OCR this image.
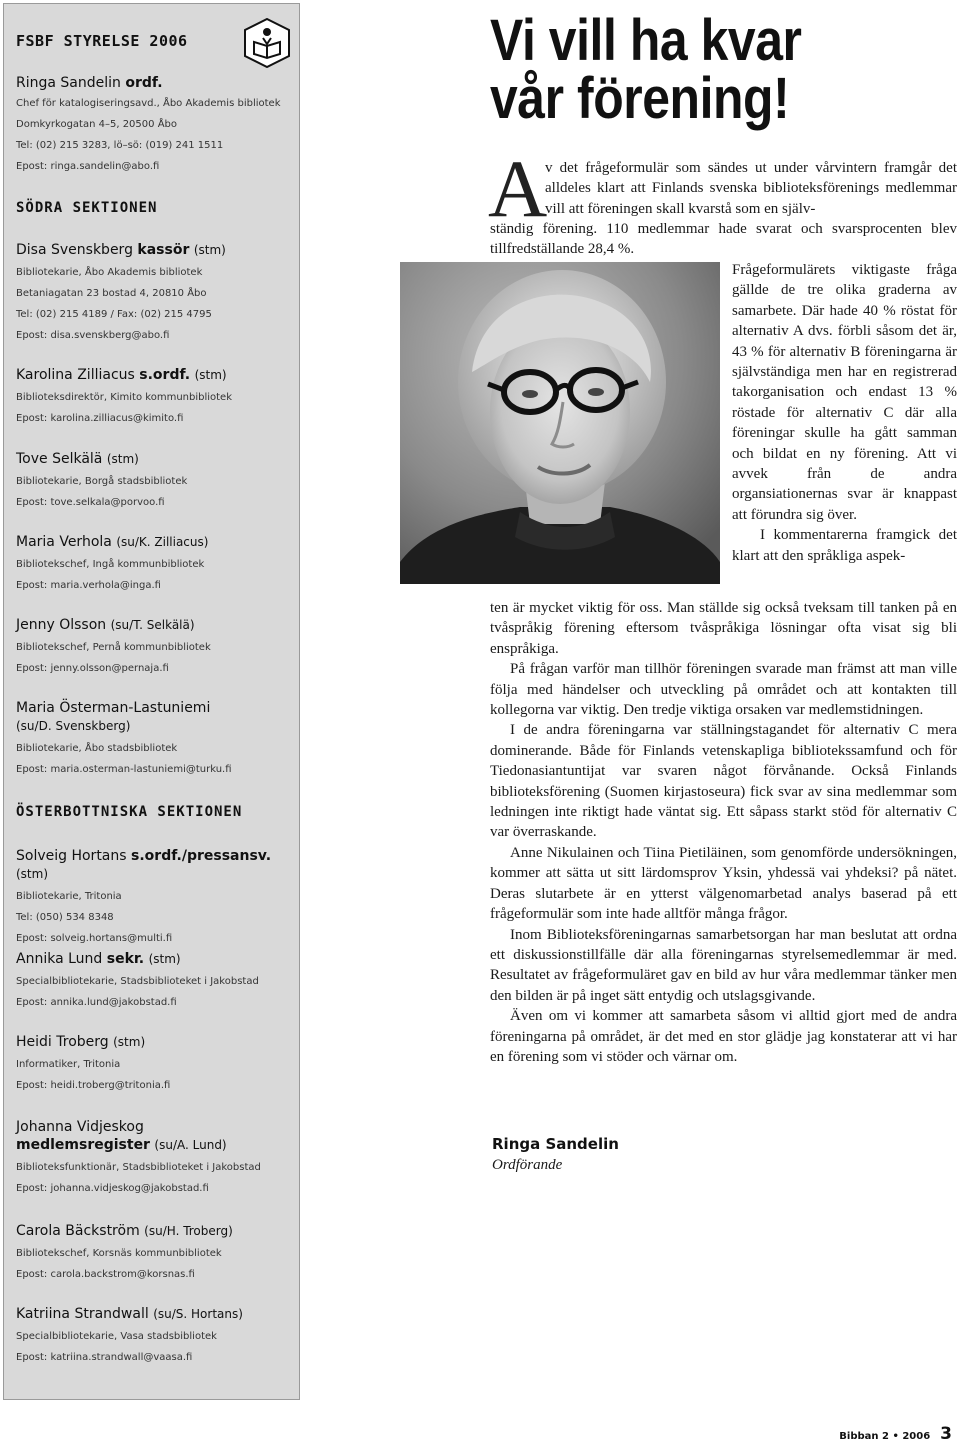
FSBF STYRELSE 2006
Ringa Sandelin ordf.
Chef för katalogiseringsavd., Åbo Akademis bibliotek
Domkyrkogatan 4–5, 20500 Åbo
Tel: (02) 215 3283, lö–sö: (019) 241 1511
Epost: ringa.sandelin@abo.fi
SÖDRA SEKTIONEN
Disa Svenskberg kassör (stm)
Bibliotekarie, Åbo Akademis bibliotek
Betaniagatan 23 bostad 4, 20810 Åbo
Tel: (02) 215 4189 / Fax: (02) 215 4795
Epost: disa.svenskberg@abo.fi
Karolina Zilliacus s.ordf. (stm)
Biblioteksdirektör, Kimito kommunbibliotek
Epost: karolina.zilliacus@kimito.fi
Tove Selkälä (stm)
Bibliotekarie, Borgå stadsbibliotek
Epost: tove.selkala@porvoo.fi
Maria Verhola (su/K. Zilliacus)
Bibliotekschef, Ingå kommunbibliotek
Epost: maria.verhola@inga.fi
Jenny Olsson (su/T. Selkälä)
Bibliotekschef, Pernå kommunbibliotek
Epost: jenny.olsson@pernaja.fi
Maria Österman-Lastuniemi
(su/D. Svenskberg)
Bibliotekarie, Åbo stadsbibliotek
Epost: maria.osterman-lastuniemi@turku.fi
ÖSTERBOTTNISKA SEKTIONEN
Solveig Hortans s.ordf./pressansv. (stm)
Bibliotekarie, Tritonia
Tel: (050) 534 8348
Epost: solveig.hortans@multi.fi
Annika Lund sekr. (stm)
Specialbibliotekarie, Stadsbiblioteket i Jakobstad
Epost: annika.lund@jakobstad.fi
Heidi Troberg (stm)
Informatiker, Tritonia
Epost: heidi.troberg@tritonia.fi
Johanna Vidjeskog
medlemsregister (su/A. Lund)
Biblioteksfunktionär, Stadsbiblioteket i Jakobstad
Epost: johanna.vidjeskog@jakobstad.fi
Carola Bäckström (su/H. Troberg)
Bibliotekschef, Korsnäs kommunbibliotek
Epost: carola.backstrom@korsnas.fi
Katriina Strandwall (su/S. Hortans)
Specialbibliotekarie, Vasa stadsbibliotek
Epost: katriina.strandwall@vaasa.fi
Vi vill ha kvar
vår förening!
A
v det frågeformulär som sändes ut under vårvintern framgår det alldeles klart att Finlands svenska biblioteksförenings medlemmar vill att föreningen skall kvarstå som en själv-
ständig förening. 110 medlemmar hade svarat och svarsprocenten blev tillfredställande 28,4 %.

Frågeformulärets viktigaste fråga gällde de tre olika graderna av samarbete. Där hade 40 % röstat för alternativ A dvs. förbli såsom det är, 43 % för alternativ B föreningarna är självständiga men har en registrerad takorganisation och endast 13 % röstade för alternativ C där alla föreningar skulle ha gått samman och bildat en ny förening. Att vi avvek från de andra organsiationernas svar är knappast att förundra sig över.

I kommentarerna framgick det klart att den språkliga aspek-

ten är mycket viktig för oss. Man ställde sig också tveksam till tanken på en tvåspråkig förening eftersom tvåspråkiga lösningar ofta visat sig bli enspråkiga.

På frågan varför man tillhör föreningen svarade man främst att man ville följa med händelser och utveckling på området och att kontakten till kollegorna var viktig. Den tredje viktiga orsaken var medlemstidningen.

I de andra föreningarna var ställningstagandet för alternativ C mera dominerande. Både för Finlands vetenskapliga bibliotekssamfund och för Tiedonasiantuntijat var svaren något förvånande. Också Finlands biblioteksförening (Suomen kirjastoseura) fick svar av sina medlemmar som ledningen inte riktigt hade väntat sig. Ett såpass starkt stöd för alternativ C var överraskande.

Anne Nikulainen och Tiina Pietiläinen, som genomförde undersökningen, kommer att sätta ut sitt lärdomsprov Yksin, yhdessä vai yhdeksi? på nätet. Deras slutarbete är en ytterst välgenomarbetad analys baserad på ett frågeformulär som inte hade alltför många frågor.

Inom Biblioteksföreningarnas samarbetsorgan har man beslutat att ordna ett diskussionstillfälle där alla föreningarnas styrelsemedlemmar är med. Resultatet av frågeformuläret gav en bild av hur våra medlemmar tänker men den bilden är på inget sätt entydig och utslagsgivande.

Även om vi kommer att samarbeta såsom vi alltid gjort med de andra föreningarna på området, är det med en stor glädje jag konstaterar att vi har en förening som vi stöder och värnar om.

Ringa Sandelin
Ordförande
Bibban 2 • 2006 3
